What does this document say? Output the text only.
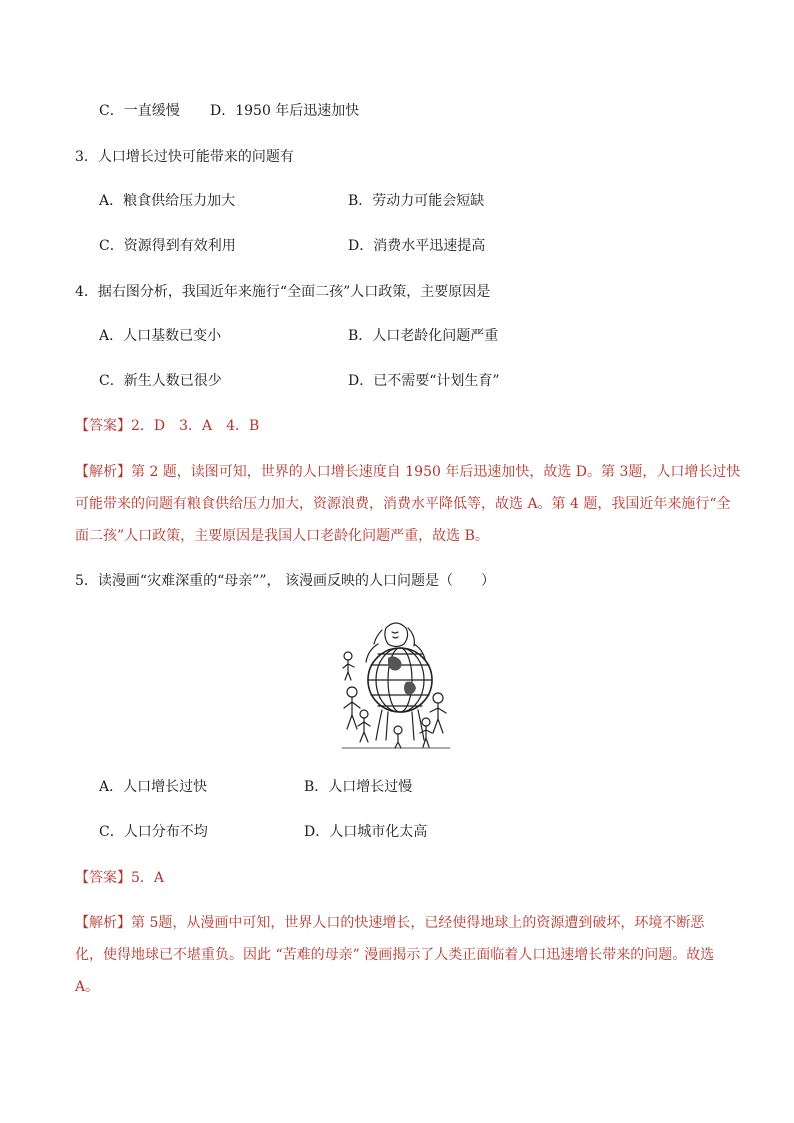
C．一直缓慢 D．1950 年后迅速加快
3．人口增长过快可能带来的问题有
A．粮食供给压力加大	B．劳动力可能会短缺
C．资源得到有效利用	D．消费水平迅速提高
4．据右图分析，我国近年来施行“全面二孩”人口政策，主要原因是
A．人口基数已变小	B．人口老龄化问题严重
C．新生人数已很少	D．已不需要“计划生育”
【答案】2．D　3．A　4．B
【解析】第 2 题，读图可知，世界的人口增长速度自 1950 年后迅速加快，故选 D。第 3题，人口增长过快
可能带来的问题有粮食供给压力加大，资源浪费，消费水平降低等，故选 A。第 4 题，我国近年来施行“全
面二孩”人口政策，主要原因是我国人口老龄化问题严重，故选 B。
5．读漫画“灾难深重的“母亲””， 该漫画反映的人口问题是（　　）
A．人口增长过快	B．人口增长过慢
C．人口分布不均	D．人口城市化太高
【答案】5．A
【解析】第 5题，从漫画中可知，世界人口的快速增长，已经使得地球上的资源遭到破坏，环境不断恶
化，使得地球已不堪重负。因此 “苦难的母亲” 漫画揭示了人类正面临着人口迅速增长带来的问题。故选
A。
